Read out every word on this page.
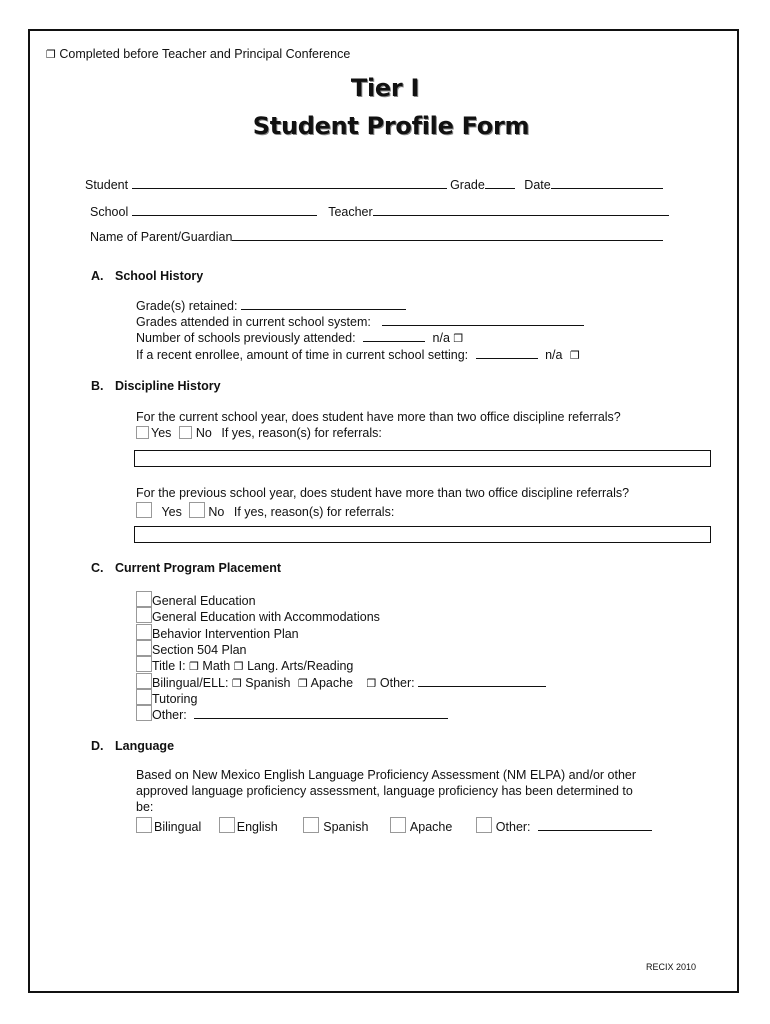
❐ Completed before Teacher and Principal Conference
Tier I
Student Profile Form
Student	Grade	Date
School	Teacher
Name of Parent/Guardian
A. School History
Grade(s) retained:
Grades attended in current school system:
Number of schools previously attended:	n/a ❐
If a recent enrollee, amount of time in current school setting:	n/a ❐
B. Discipline History
For the current school year, does student have more than two office discipline referrals?
Yes No If yes, reason(s) for referrals:
For the previous school year, does student have more than two office discipline referrals?
Yes No If yes, reason(s) for referrals:
C. Current Program Placement
General Education
General Education with Accommodations
Behavior Intervention Plan
Section 504 Plan
Title I: ❐ Math ❐ Lang. Arts/Reading
Bilingual/ELL: ❐ Spanish ❐ Apache ❐ Other:
Tutoring
Other:
D. Language
Based on New Mexico English Language Proficiency Assessment (NM ELPA) and/or other
approved language proficiency assessment, language proficiency has been determined to
be:
Bilingual	English	Spanish	Apache	Other:
RECIX 2010
